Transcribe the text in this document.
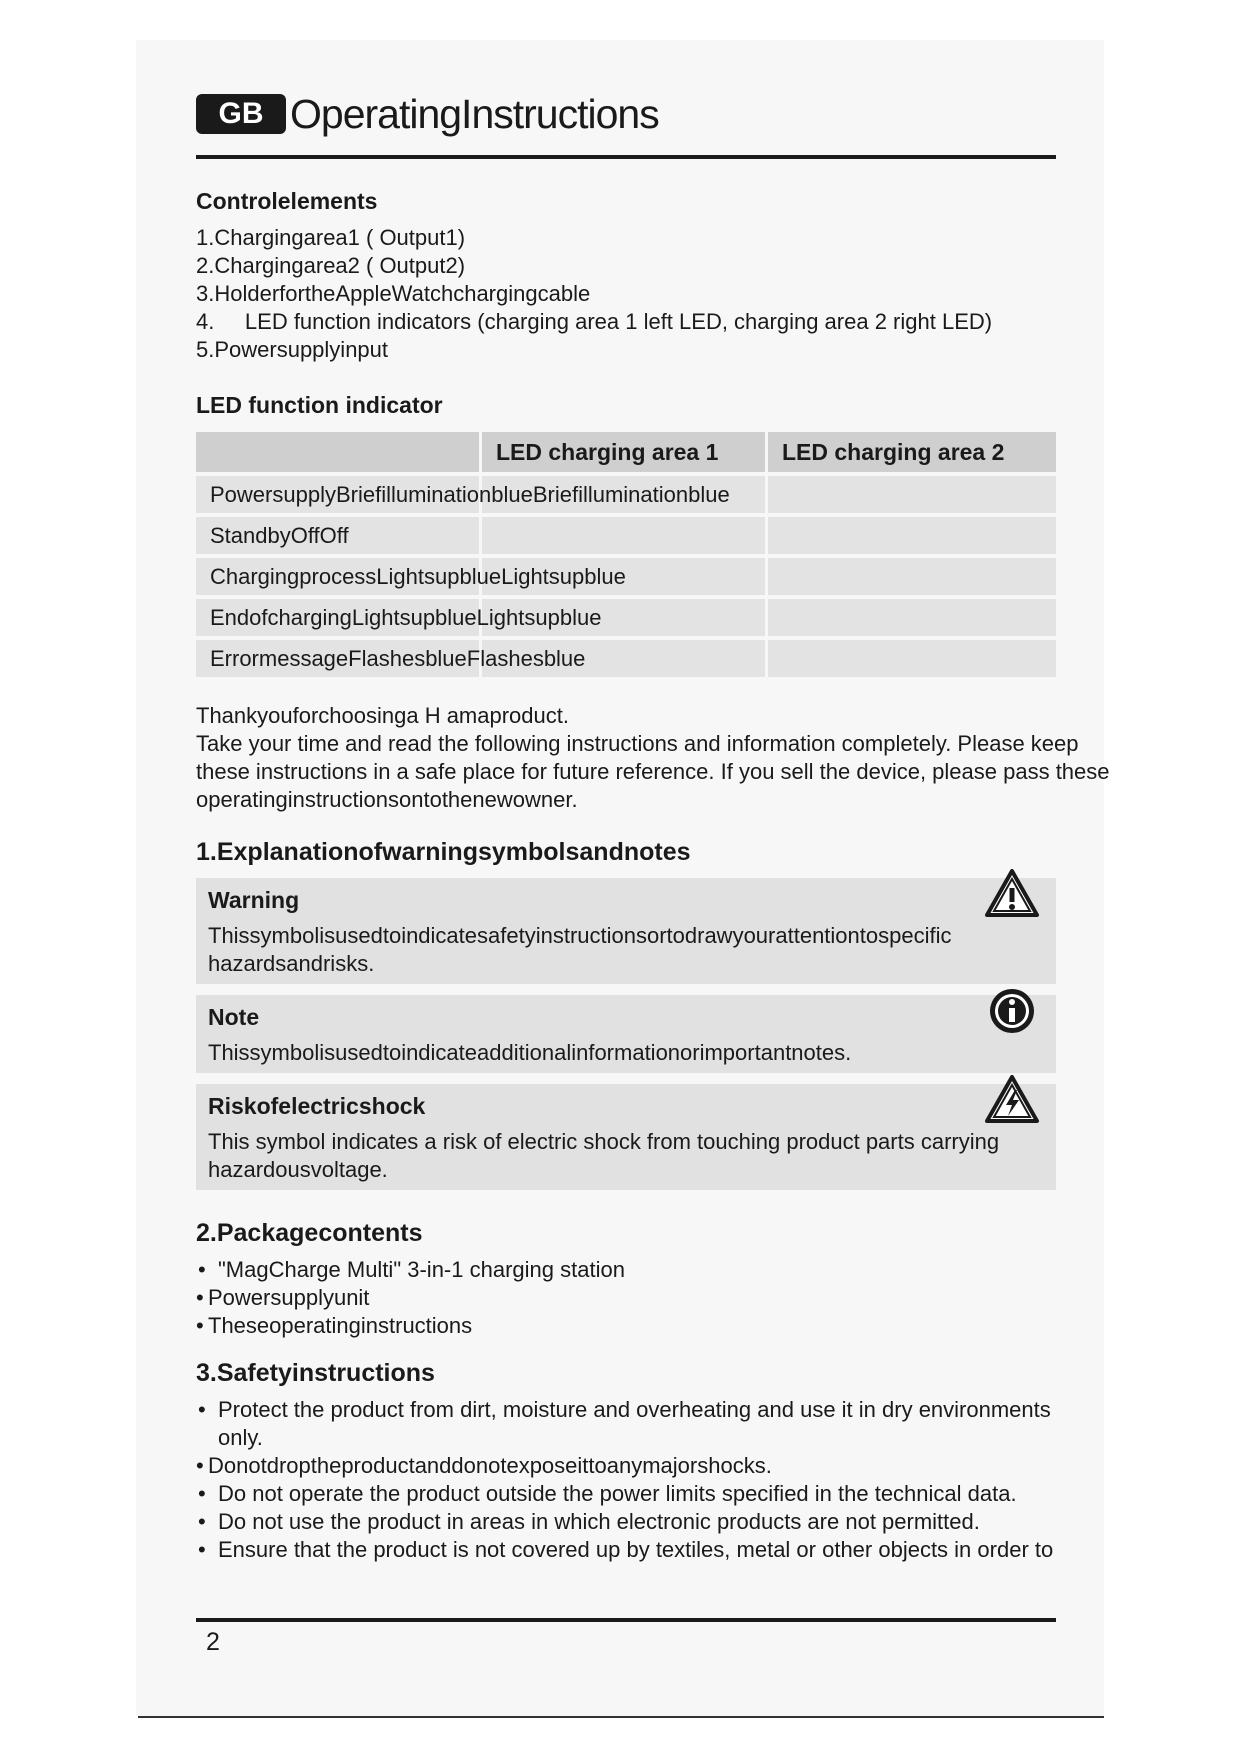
GB OperatingInstructions
Controlelements
1.Chargingarea1 ( Output1)
2.Chargingarea2 ( Output2)
3.HolderfortheAppleWatchchargingcable
4.     LED function indicators (charging area 1 left LED, charging area 2 right LED)
5.Powersupplyinput
LED function indicator
LED charging area 1	LED charging area 2
PowersupplyBriefilluminationblueBriefilluminationblue
StandbyOffOff
ChargingprocessLightsupblueLightsupblue
EndofchargingLightsupblueLightsupblue
ErrormessageFlashesblueFlashesblue
Thankyouforchoosinga H amaproduct.
Take your time and read the following instructions and information completely. Please keep
these instructions in a safe place for future reference. If you sell the device, please pass these
operatinginstructionsontothenewowner.
1.Explanationofwarningsymbolsandnotes
Warning
Thissymbolisusedtoindicatesafetyinstructionsortodrawyourattentiontospecific
hazardsandrisks.
Note
Thissymbolisusedtoindicateadditionalinformationorimportantnotes.
Riskofelectricshock
This symbol indicates a risk of electric shock from touching product parts carrying
hazardousvoltage.
2.Packagecontents
• "MagCharge Multi" 3-in-1 charging station
• Powersupplyunit
• Theseoperatinginstructions
3.Safetyinstructions
• Protect the product from dirt, moisture and overheating and use it in dry environments
only.
• Donotdroptheproductanddonotexposeittoanymajorshocks.
• Do not operate the product outside the power limits specified in the technical data.
• Do not use the product in areas in which electronic products are not permitted.
• Ensure that the product is not covered up by textiles, metal or other objects in order to
2
